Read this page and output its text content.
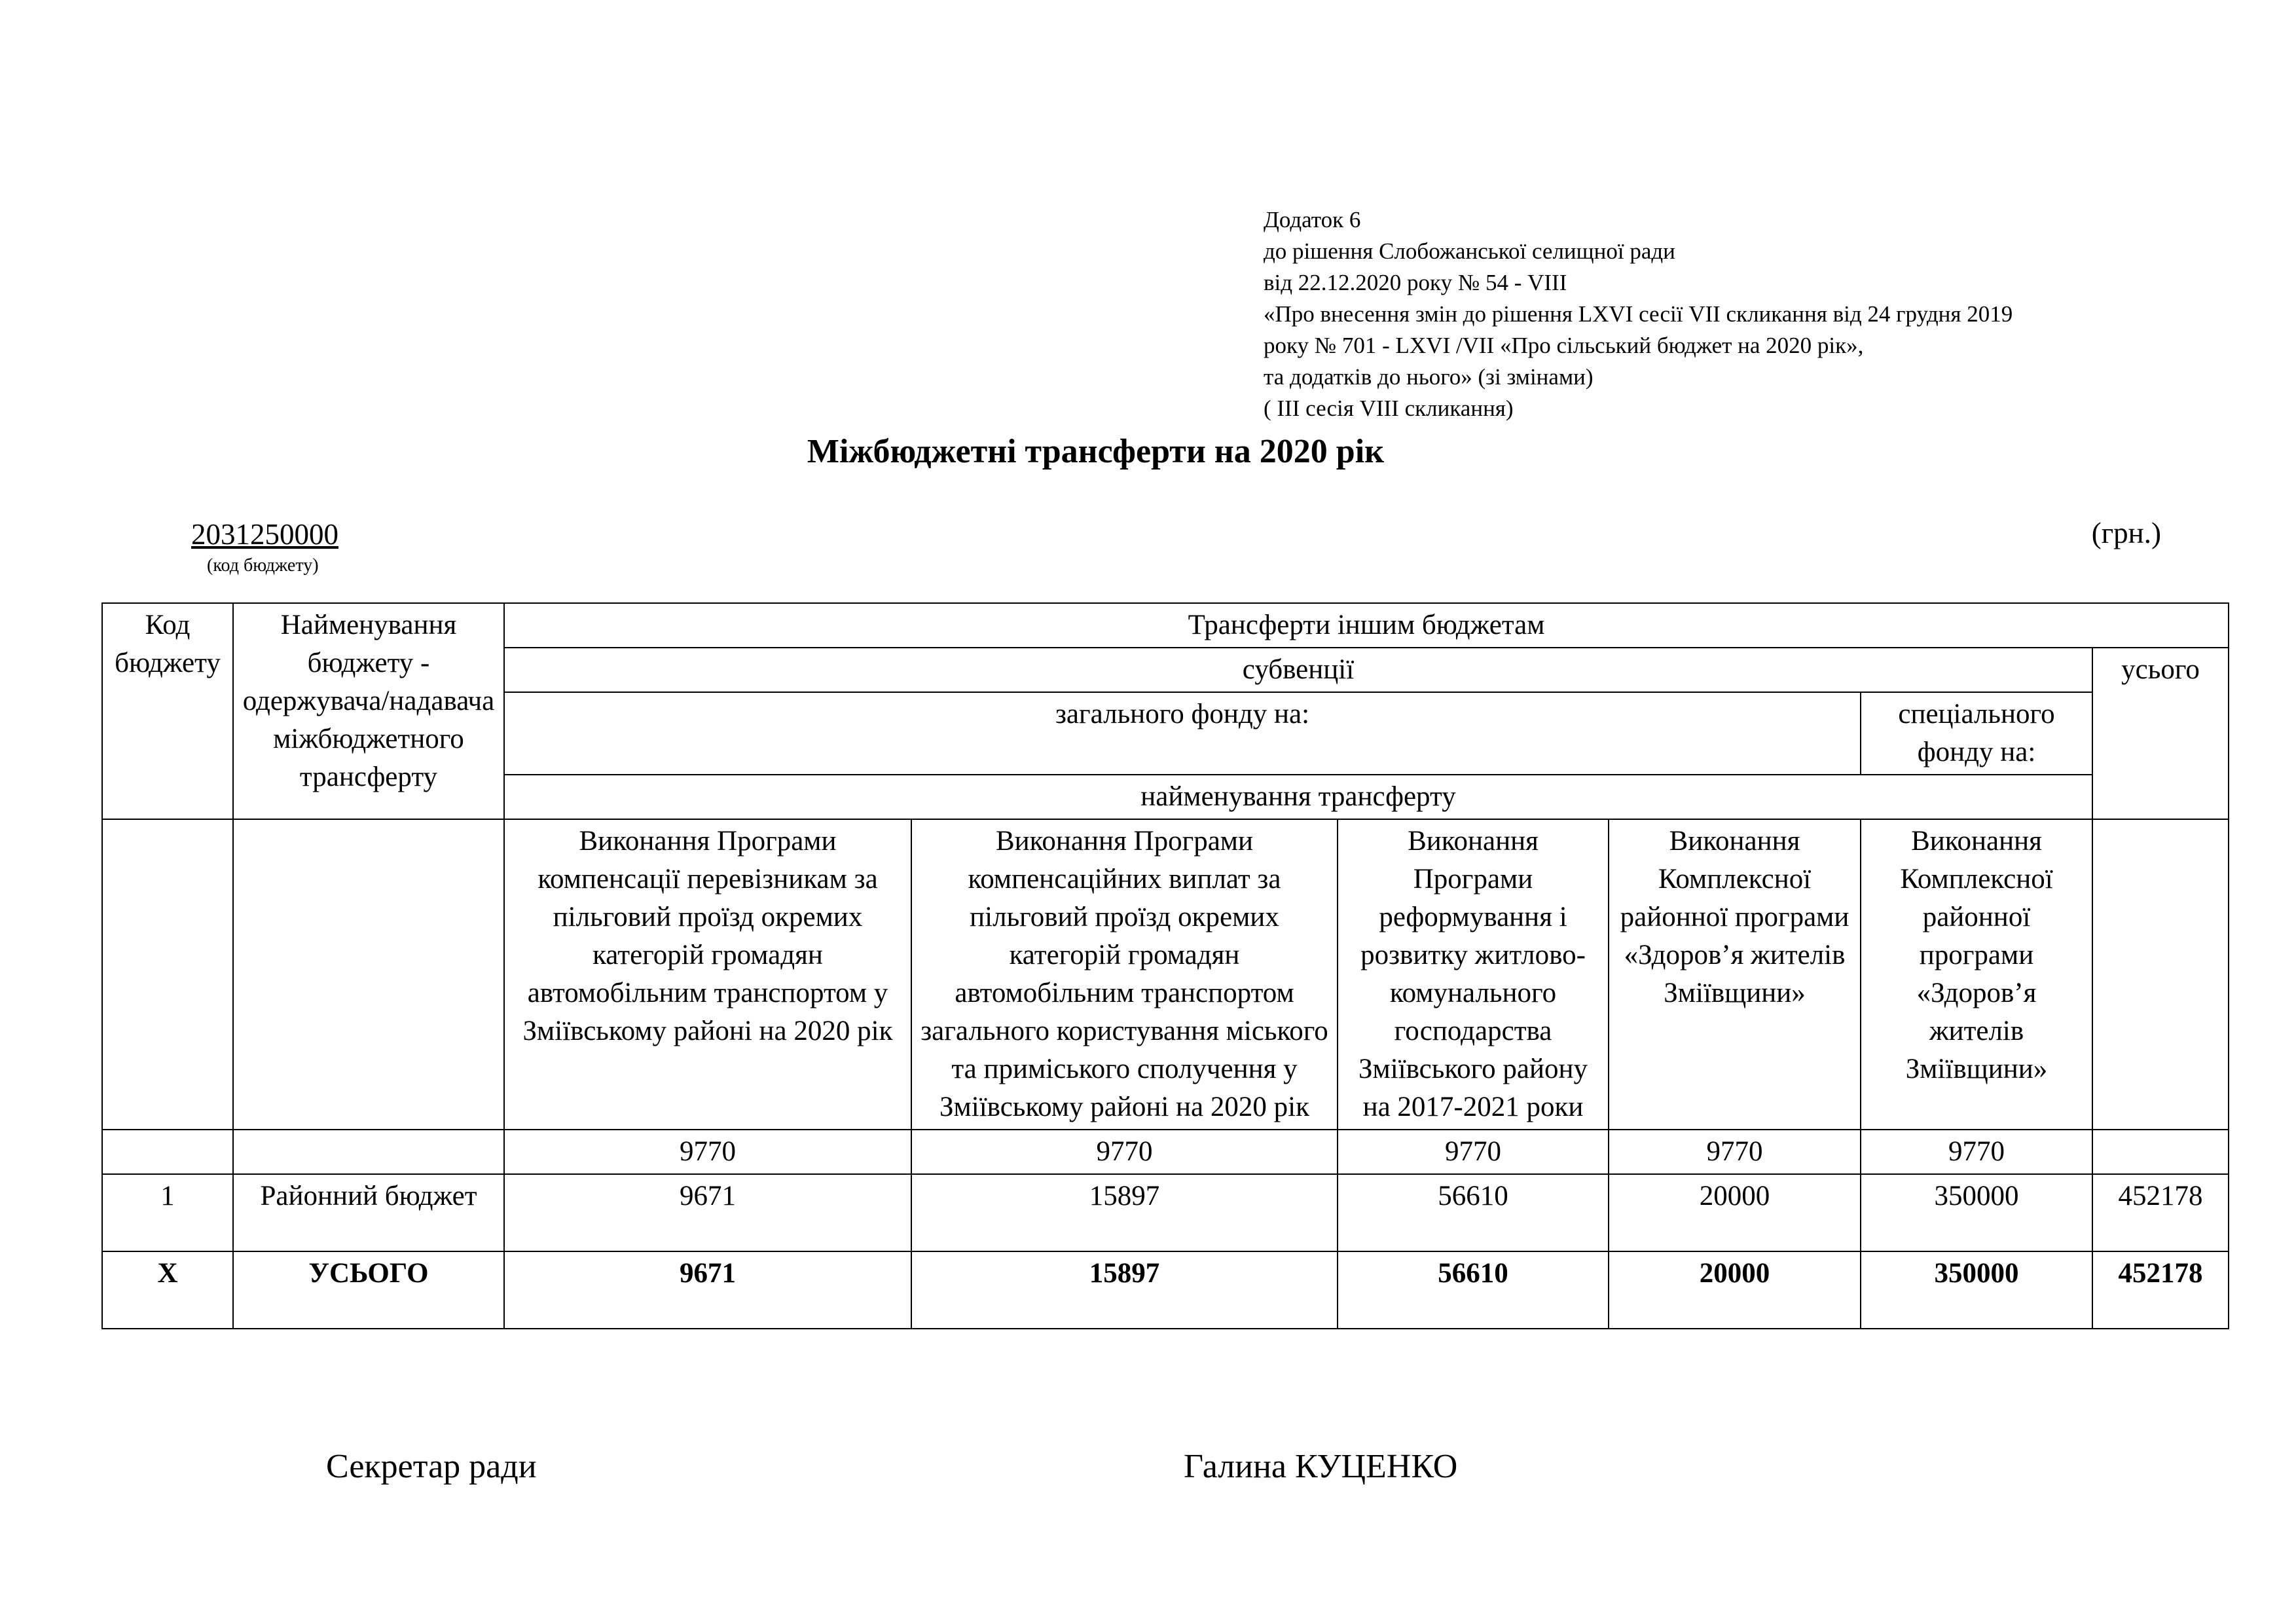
Додаток 6
до рішення Слобожанської селищної ради
від 22.12.2020 року № 54 - VIII
«Про внесення змін до рішення LXVI сесії VII скликання від 24 грудня 2019
року № 701 - LXVI /VII «Про сільський бюджет на 2020 рік»,
та додатків до нього» (зі змінами)
( III сесія VIII скликання)
Міжбюджетні трансферти на 2020 рік
2031250000
(код бюджету)
(грн.)
Код бюджету	Найменування бюджету - одержувача/надавача міжбюджетного трансферту	Трансферти іншим бюджетам					
		субвенції					усього
		загального фонду на:				спеціального фонду на:	
		найменування трансферту					
		Виконання Програми компенсації перевізникам за пільговий проїзд окремих категорій громадян автомобільним транспортом у Зміївському районі на 2020 рік	Виконання Програми компенсаційних виплат за пільговий проїзд окремих категорій громадян автомобільним транспортом загального користування міського та приміського сполучення у Зміївському районі на 2020 рік	Виконання Програми реформування і розвитку житлово-комунального господарства Зміївського району на 2017-2021 роки	Виконання Комплексної районної програми «Здоров’я жителів Зміївщини»	Виконання Комплексної районної програми «Здоров’я жителів Зміївщини»	
		9770	9770	9770	9770	9770	
1	Районний бюджет	9671	15897	56610	20000	350000	452178
Х	УСЬОГО	9671	15897	56610	20000	350000	452178
Секретар ради	Галина КУЦЕНКО
